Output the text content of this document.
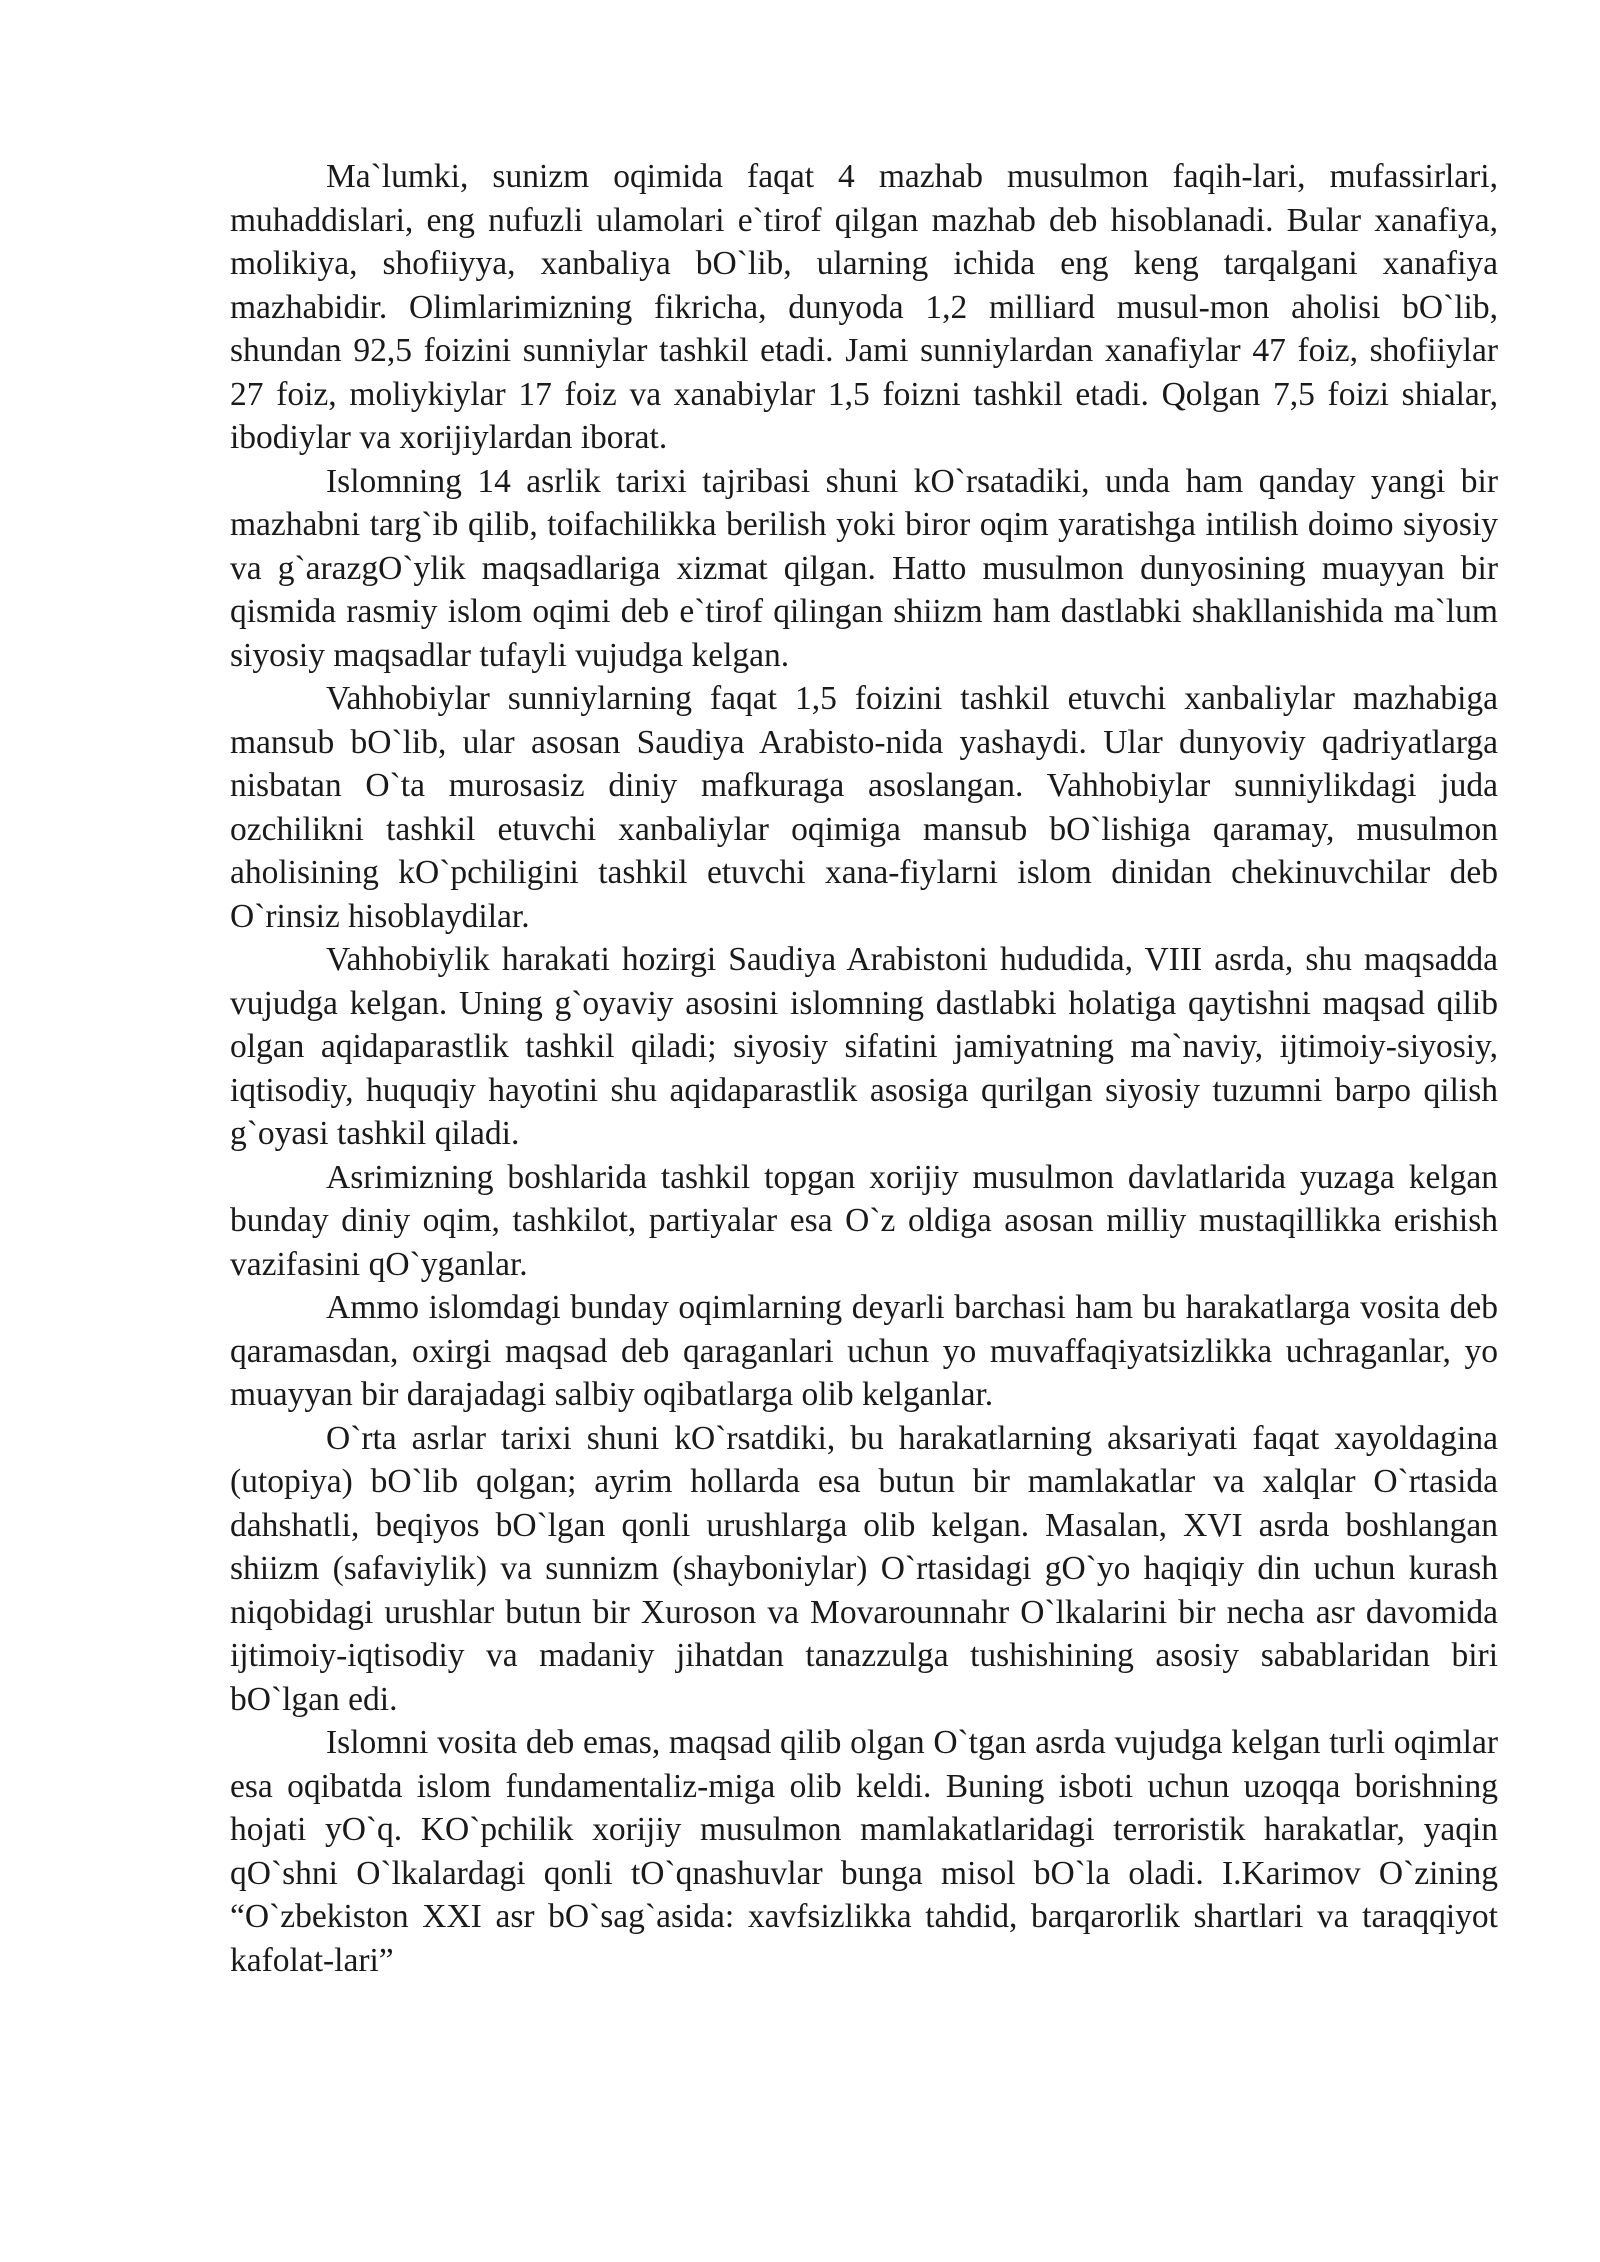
Ma`lumki, sunizm oqimida faqat 4 mazhab musulmon faqih-lari, mufassirlari, muhaddislari, eng nufuzli ulamolari e`tirof qilgan mazhab deb hisoblanadi. Bular xanafiya, molikiya, shofiiyya, xanbaliya bO`lib, ularning ichida eng keng tarqalgani xanafiya mazhabidir. Olimlarimizning fikricha, dunyoda 1,2 milliard musul-mon aholisi bO`lib, shundan 92,5 foizini sunniylar tashkil etadi. Jami sunniylardan xanafiylar 47 foiz, shofiiylar 27 foiz, moliykiylar 17 foiz va xanabiylar 1,5 foizni tashkil etadi. Qolgan 7,5 foizi shialar, ibodiylar va xorijiylardan iborat.

Islomning 14 asrlik tarixi tajribasi shuni kO`rsatadiki, unda ham qanday yangi bir mazhabni targ`ib qilib, toifachilikka berilish yoki biror oqim yaratishga intilish doimo siyosiy va g`arazgO`ylik maqsadlariga xizmat qilgan. Hatto musulmon dunyosining muayyan bir qismida rasmiy islom oqimi deb e`tirof qilingan shiizm ham dastlabki shakllanishida ma`lum siyosiy maqsadlar tufayli vujudga kelgan.

Vahhobiylar sunniylarning faqat 1,5 foizini tashkil etuvchi xanbaliylar mazhabiga mansub bO`lib, ular asosan Saudiya Arabisto-nida yashaydi. Ular dunyoviy qadriyatlarga nisbatan O`ta murosasiz diniy mafkuraga asoslangan. Vahhobiylar sunniylikdagi juda ozchilikni tashkil etuvchi xanbaliylar oqimiga mansub bO`lishiga qaramay, musulmon aholisining kO`pchiligini tashkil etuvchi xana-fiylarni islom dinidan chekinuvchilar deb O`rinsiz hisoblaydilar.

Vahhobiylik harakati hozirgi Saudiya Arabistoni hududida, VIII asrda, shu maqsadda vujudga kelgan. Uning g`oyaviy asosini islomning dastlabki holatiga qaytishni maqsad qilib olgan aqidaparastlik tashkil qiladi; siyosiy sifatini jamiyatning ma`naviy, ijtimoiy-siyosiy, iqtisodiy, huquqiy hayotini shu aqidaparastlik asosiga qurilgan siyosiy tuzumni barpo qilish g`oyasi tashkil qiladi.

Asrimizning boshlarida tashkil topgan xorijiy musulmon davlatlarida yuzaga kelgan bunday diniy oqim, tashkilot, partiyalar esa O`z oldiga asosan milliy mustaqillikka erishish vazifasini qO`yganlar.

Ammo islomdagi bunday oqimlarning deyarli barchasi ham bu harakatlarga vosita deb qaramasdan, oxirgi maqsad deb qaraganlari uchun yo muvaffaqiyatsizlikka uchraganlar, yo muayyan bir darajadagi salbiy oqibatlarga olib kelganlar.

O`rta asrlar tarixi shuni kO`rsatdiki, bu harakatlarning aksariyati faqat xayoldagina (utopiya) bO`lib qolgan; ayrim hollarda esa butun bir mamlakatlar va xalqlar O`rtasida dahshatli, beqiyos bO`lgan qonli urushlarga olib kelgan. Masalan, XVI asrda boshlangan shiizm (safaviylik) va sunnizm (shayboniylar) O`rtasidagi gO`yo haqiqiy din uchun kurash niqobidagi urushlar butun bir Xuroson va Movarounnahr O`lkalarini bir necha asr davomida ijtimoiy-iqtisodiy va madaniy jihatdan tanazzulga tushishining asosiy sabablaridan biri bO`lgan edi.

Islomni vosita deb emas, maqsad qilib olgan O`tgan asrda vujudga kelgan turli oqimlar esa oqibatda islom fundamentaliz-miga olib keldi. Buning isboti uchun uzoqqa borishning hojati yO`q. KO`pchilik xorijiy musulmon mamlakatlaridagi terroristik harakatlar, yaqin qO`shni O`lkalardagi qonli tO`qnashuvlar bunga misol bO`la oladi. I.Karimov O`zining “O`zbekiston XXI asr bO`sag`asida: xavfsizlikka tahdid, barqarorlik shartlari va taraqqiyot kafolat-lari”
